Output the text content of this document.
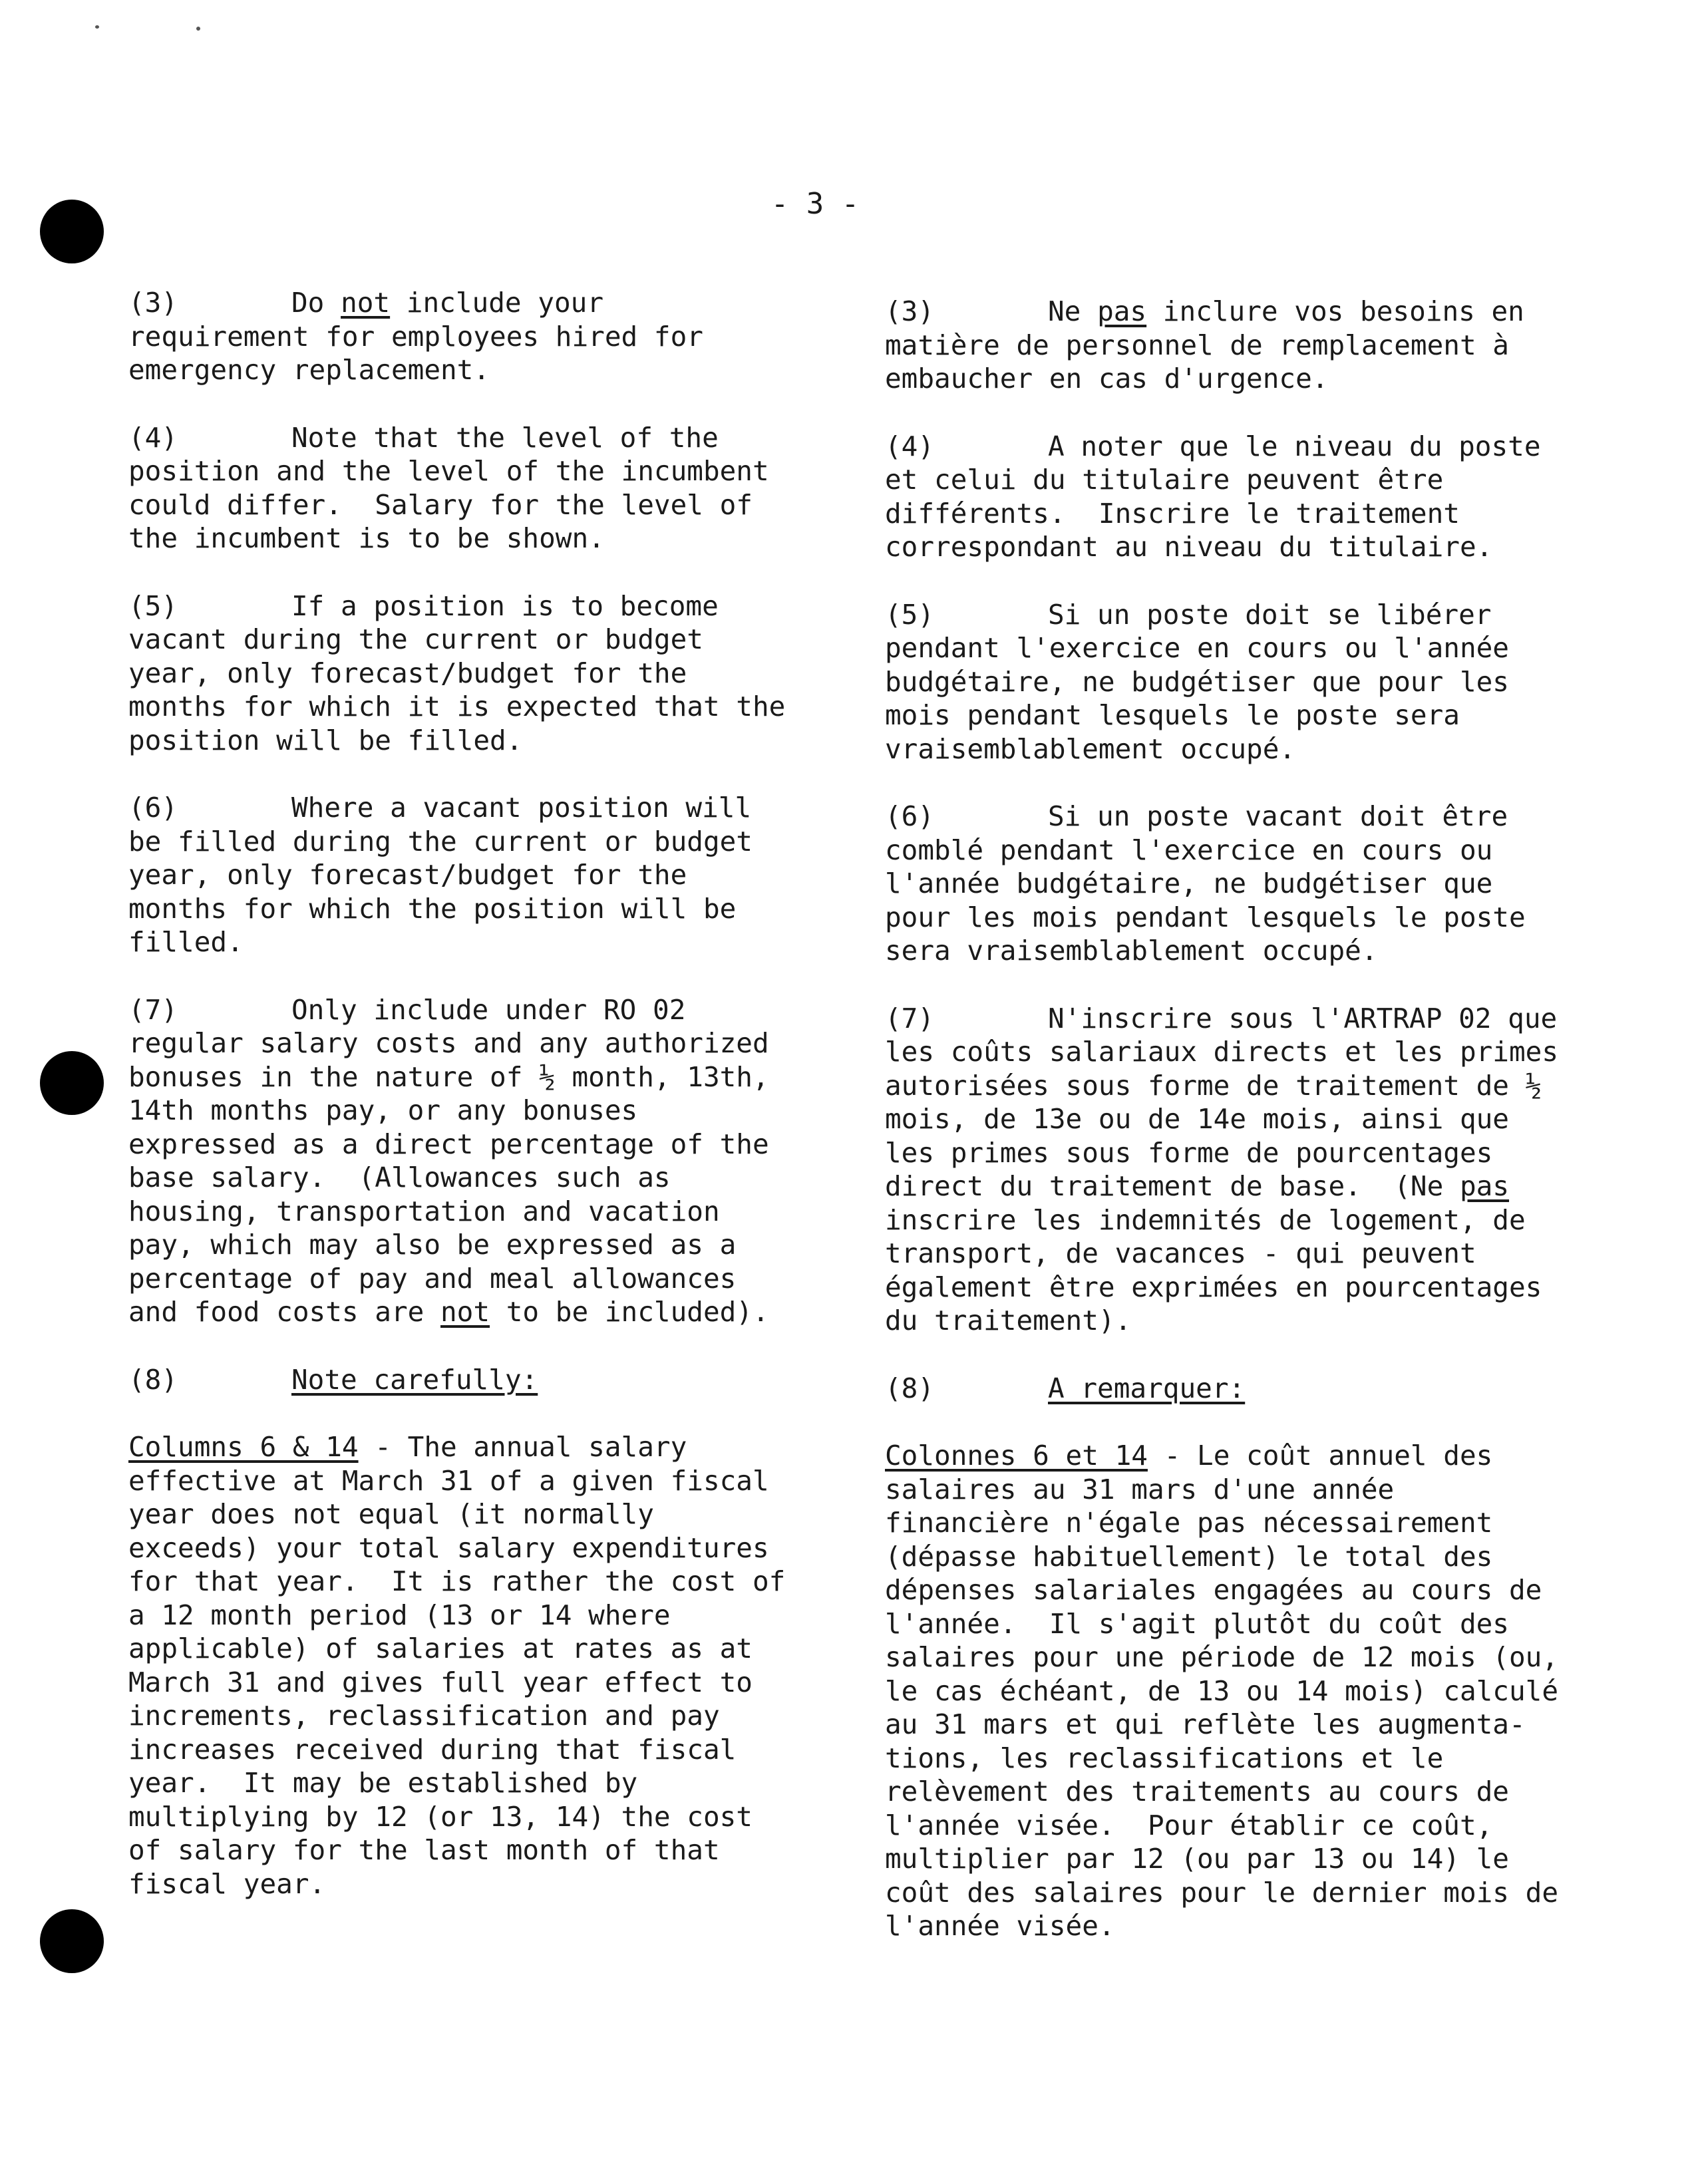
- 3 -

(3)	Do not include your
requirement for employees hired for
emergency replacement.

(4)	Note that the level of the
position and the level of the incumbent
could differ.  Salary for the level of
the incumbent is to be shown.

(5)	If a position is to become
vacant during the current or budget
year, only forecast/budget for the
months for which it is expected that the
position will be filled.

(6)	Where a vacant position will
be filled during the current or budget
year, only forecast/budget for the
months for which the position will be
filled.

(7)	Only include under RO 02
regular salary costs and any authorized
bonuses in the nature of ½ month, 13th,
14th months pay, or any bonuses
expressed as a direct percentage of the
base salary.  (Allowances such as
housing, transportation and vacation
pay, which may also be expressed as a
percentage of pay and meal allowances
and food costs are not to be included).

(8)	Note carefully:

Columns 6 & 14 - The annual salary
effective at March 31 of a given fiscal
year does not equal (it normally
exceeds) your total salary expenditures
for that year.  It is rather the cost of
a 12 month period (13 or 14 where
applicable) of salaries at rates as at
March 31 and gives full year effect to
increments, reclassification and pay
increases received during that fiscal
year.  It may be established by
multiplying by 12 (or 13, 14) the cost
of salary for the last month of that
fiscal year.

(3)	Ne pas inclure vos besoins en
matière de personnel de remplacement à
embaucher en cas d'urgence.

(4)	A noter que le niveau du poste
et celui du titulaire peuvent être
différents.  Inscrire le traitement
correspondant au niveau du titulaire.

(5)	Si un poste doit se libérer
pendant l'exercice en cours ou l'année
budgétaire, ne budgétiser que pour les
mois pendant lesquels le poste sera
vraisemblablement occupé.

(6)	Si un poste vacant doit être
comblé pendant l'exercice en cours ou
l'année budgétaire, ne budgétiser que
pour les mois pendant lesquels le poste
sera vraisemblablement occupé.

(7)	N'inscrire sous l'ARTRAP 02 que
les coûts salariaux directs et les primes
autorisées sous forme de traitement de ½
mois, de 13e ou de 14e mois, ainsi que
les primes sous forme de pourcentages
direct du traitement de base.  (Ne pas
inscrire les indemnités de logement, de
transport, de vacances - qui peuvent
également être exprimées en pourcentages
du traitement).

(8)	A remarquer:

Colonnes 6 et 14 - Le coût annuel des
salaires au 31 mars d'une année
financière n'égale pas nécessairement
(dépasse habituellement) le total des
dépenses salariales engagées au cours de
l'année.  Il s'agit plutôt du coût des
salaires pour une période de 12 mois (ou,
le cas échéant, de 13 ou 14 mois) calculé
au 31 mars et qui reflète les augmenta-
tions, les reclassifications et le
relèvement des traitements au cours de
l'année visée.  Pour établir ce coût,
multiplier par 12 (ou par 13 ou 14) le
coût des salaires pour le dernier mois de
l'année visée.
